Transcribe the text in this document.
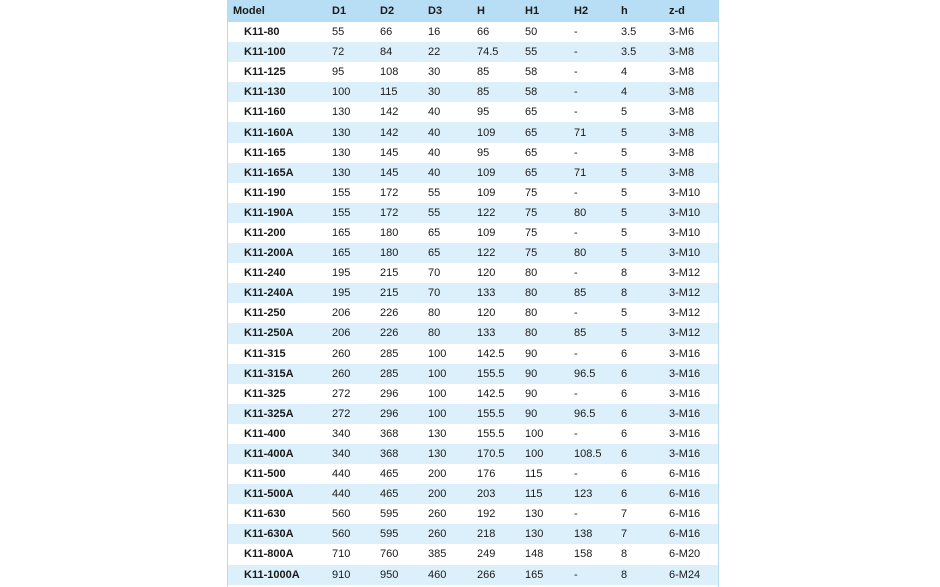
Model	D1	D2	D3	H	H1	H2	h	z-d
K11-80	55	66	16	66	50	-	3.5	3-M6
K11-100	72	84	22	74.5	55	-	3.5	3-M8
K11-125	95	108	30	85	58	-	4	3-M8
K11-130	100	115	30	85	58	-	4	3-M8
K11-160	130	142	40	95	65	-	5	3-M8
K11-160A	130	142	40	109	65	71	5	3-M8
K11-165	130	145	40	95	65	-	5	3-M8
K11-165A	130	145	40	109	65	71	5	3-M8
K11-190	155	172	55	109	75	-	5	3-M10
K11-190A	155	172	55	122	75	80	5	3-M10
K11-200	165	180	65	109	75	-	5	3-M10
K11-200A	165	180	65	122	75	80	5	3-M10
K11-240	195	215	70	120	80	-	8	3-M12
K11-240A	195	215	70	133	80	85	8	3-M12
K11-250	206	226	80	120	80	-	5	3-M12
K11-250A	206	226	80	133	80	85	5	3-M12
K11-315	260	285	100	142.5	90	-	6	3-M16
K11-315A	260	285	100	155.5	90	96.5	6	3-M16
K11-325	272	296	100	142.5	90	-	6	3-M16
K11-325A	272	296	100	155.5	90	96.5	6	3-M16
K11-400	340	368	130	155.5	100	-	6	3-M16
K11-400A	340	368	130	170.5	100	108.5	6	3-M16
K11-500	440	465	200	176	115	-	6	6-M16
K11-500A	440	465	200	203	115	123	6	6-M16
K11-630	560	595	260	192	130	-	7	6-M16
K11-630A	560	595	260	218	130	138	7	6-M16
K11-800A	710	760	385	249	148	158	8	6-M20
K11-1000A	910	950	460	266	165	-	8	6-M24
